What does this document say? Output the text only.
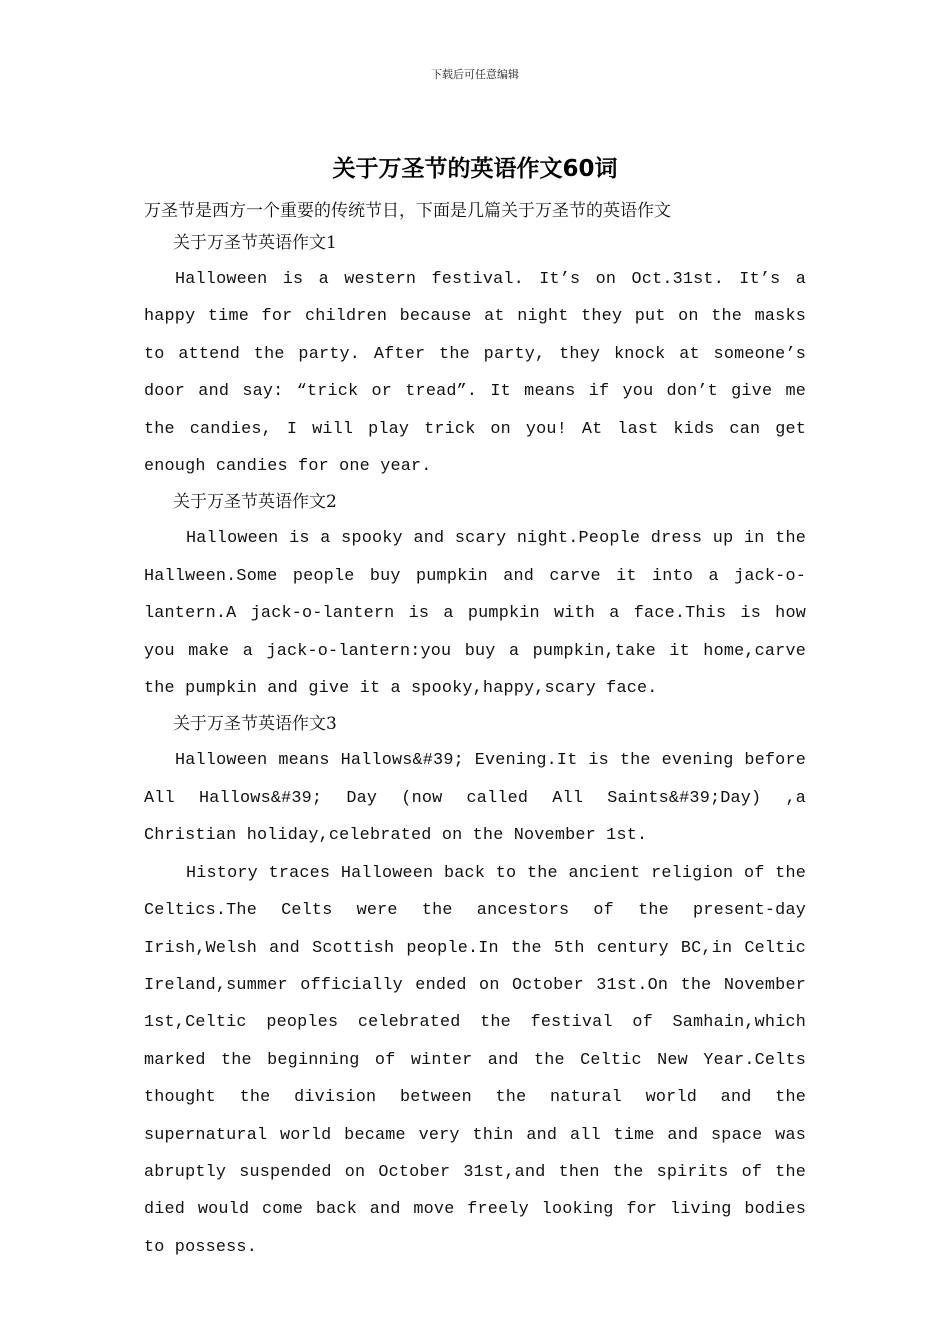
下载后可任意编辑
关于万圣节的英语作文60词

万圣节是西方一个重要的传统节日，下面是几篇关于万圣节的英语作文

关于万圣节英语作文1

Halloween is a western festival. It’s on Oct.31st. It’s a happy time for children because at night they put on the masks to attend the party. After the party, they knock at someone’s door and say: “trick or tread”. It means if you don’t give me the candies, I will play trick on you! At last kids can get enough candies for one year.

关于万圣节英语作文2

Halloween is a spooky and scary night.People dress up in the Hallween.Some people buy pumpkin and carve it into a jack-o-lantern.A jack-o-lantern is a pumpkin with a face.This is how you make a jack-o-lantern:you buy a pumpkin,take it home,carve the pumpkin and give it a spooky,happy,scary face.

关于万圣节英语作文3

Halloween means Hallows&#39; Evening.It is the evening before All Hallows&#39; Day (now called All Saints&#39;Day) ,a Christian holiday,celebrated on the November 1st.

History traces Halloween back to the ancient religion of the Celtics.The Celts were the ancestors of the present-day Irish,Welsh and Scottish people.In the 5th century BC,in Celtic Ireland,summer officially ended on October 31st.On the November 1st,Celtic peoples celebrated the festival of Samhain,which marked the beginning of winter and the Celtic New Year.Celts thought the division between the natural world and the supernatural world became very thin and all time and space was abruptly suspended on October 31st,and then the spirits of the died would come back and move freely looking for living bodies to possess.
